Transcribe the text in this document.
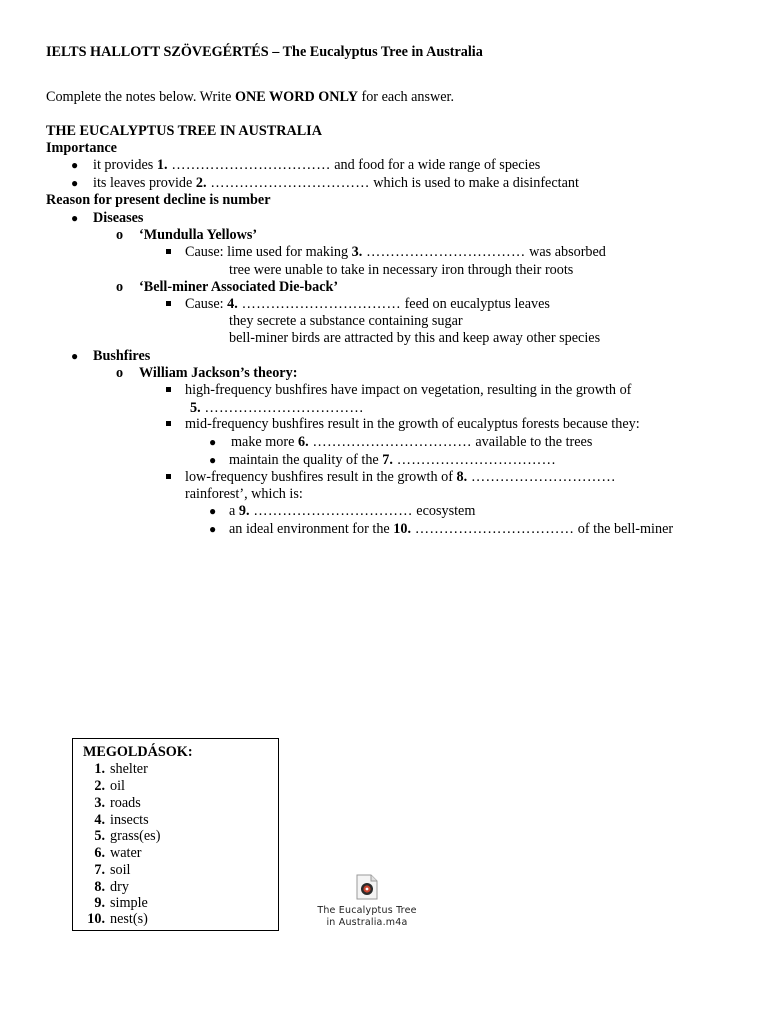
IELTS HALLOTT SZÖVEGÉRTÉS – The Eucalyptus Tree in Australia
Complete the notes below. Write ONE WORD ONLY for each answer.
THE EUCALYPTUS TREE IN AUSTRALIA
Importance
● it provides 1. …………………………… and food for a wide range of species
● its leaves provide 2. …………………………… which is used to make a disinfectant
Reason for present decline is number
● Diseases
o ‘Mundulla Yellows’
Cause: lime used for making 3. …………………………… was absorbed
tree were unable to take in necessary iron through their roots
o ‘Bell-miner Associated Die-back’
Cause: 4. …………………………… feed on eucalyptus leaves
they secrete a substance containing sugar
bell-miner birds are attracted by this and keep away other species
● Bushfires
o William Jackson’s theory:
high-frequency bushfires have impact on vegetation, resulting in the growth of
5. ……………………………
mid-frequency bushfires result in the growth of eucalyptus forests because they:
● make more 6. …………………………… available to the trees
● maintain the quality of the 7. ……………………………
low-frequency bushfires result in the growth of 8. …………………………
rainforest’, which is:
● a 9. …………………………… ecosystem
● an ideal environment for the 10. …………………………… of the bell-miner
MEGOLDÁSOK:
1. shelter
2. oil
3. roads
4. insects
5. grass(es)
6. water
7. soil
8. dry
9. simple
10. nest(s)
The Eucalyptus Tree
in Australia.m4a
